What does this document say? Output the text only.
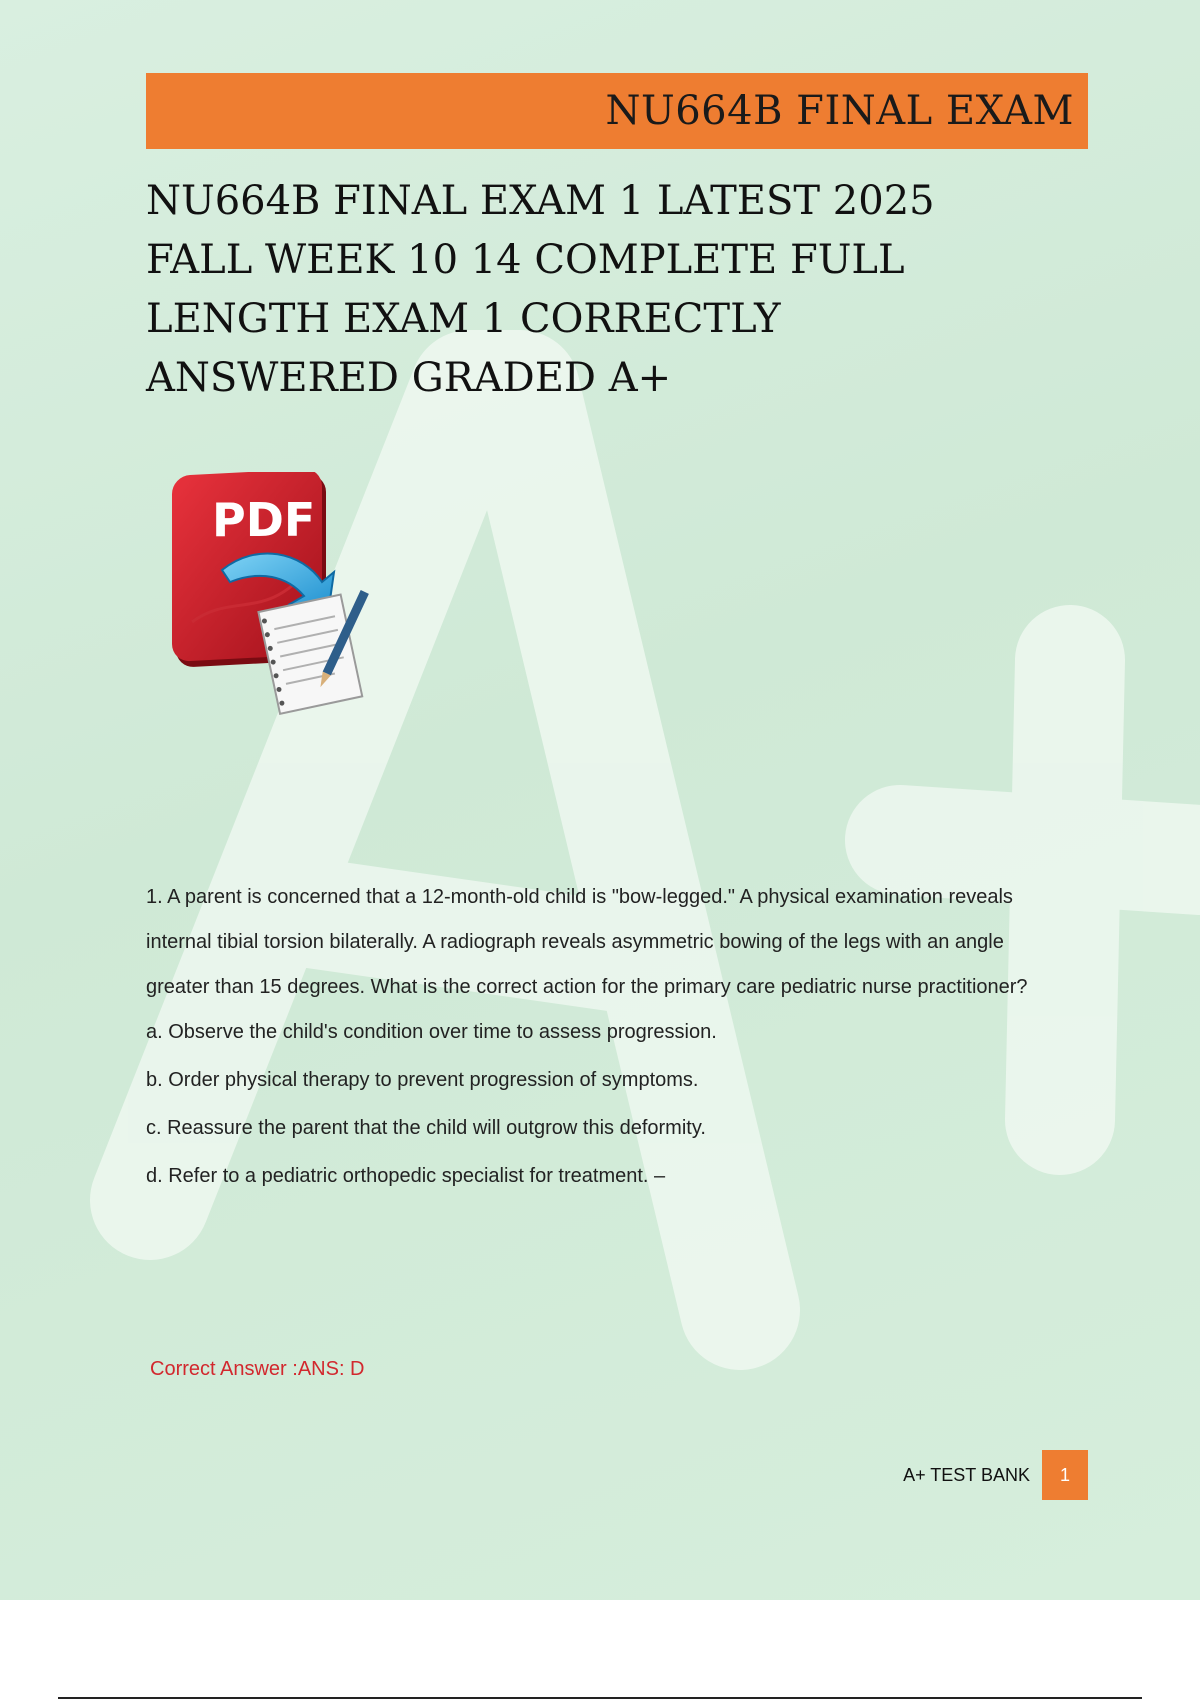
NU664B FINAL EXAM
NU664B FINAL EXAM 1 LATEST 2025
FALL WEEK 10 14 COMPLETE FULL
LENGTH EXAM 1 CORRECTLY
ANSWERED GRADED A+
PDF

1. A parent is concerned that a 12-month-old child is "bow-legged." A physical examination reveals

internal tibial torsion bilaterally. A radiograph reveals asymmetric bowing of the legs with an angle

greater than 15 degrees. What is the correct action for the primary care pediatric nurse practitioner?

a. Observe the child's condition over time to assess progression.

b. Order physical therapy to prevent progression of symptoms.

c. Reassure the parent that the child will outgrow this deformity.

d. Refer to a pediatric orthopedic specialist for treatment. –

Correct Answer :ANS: D
A+ TEST BANK	1
